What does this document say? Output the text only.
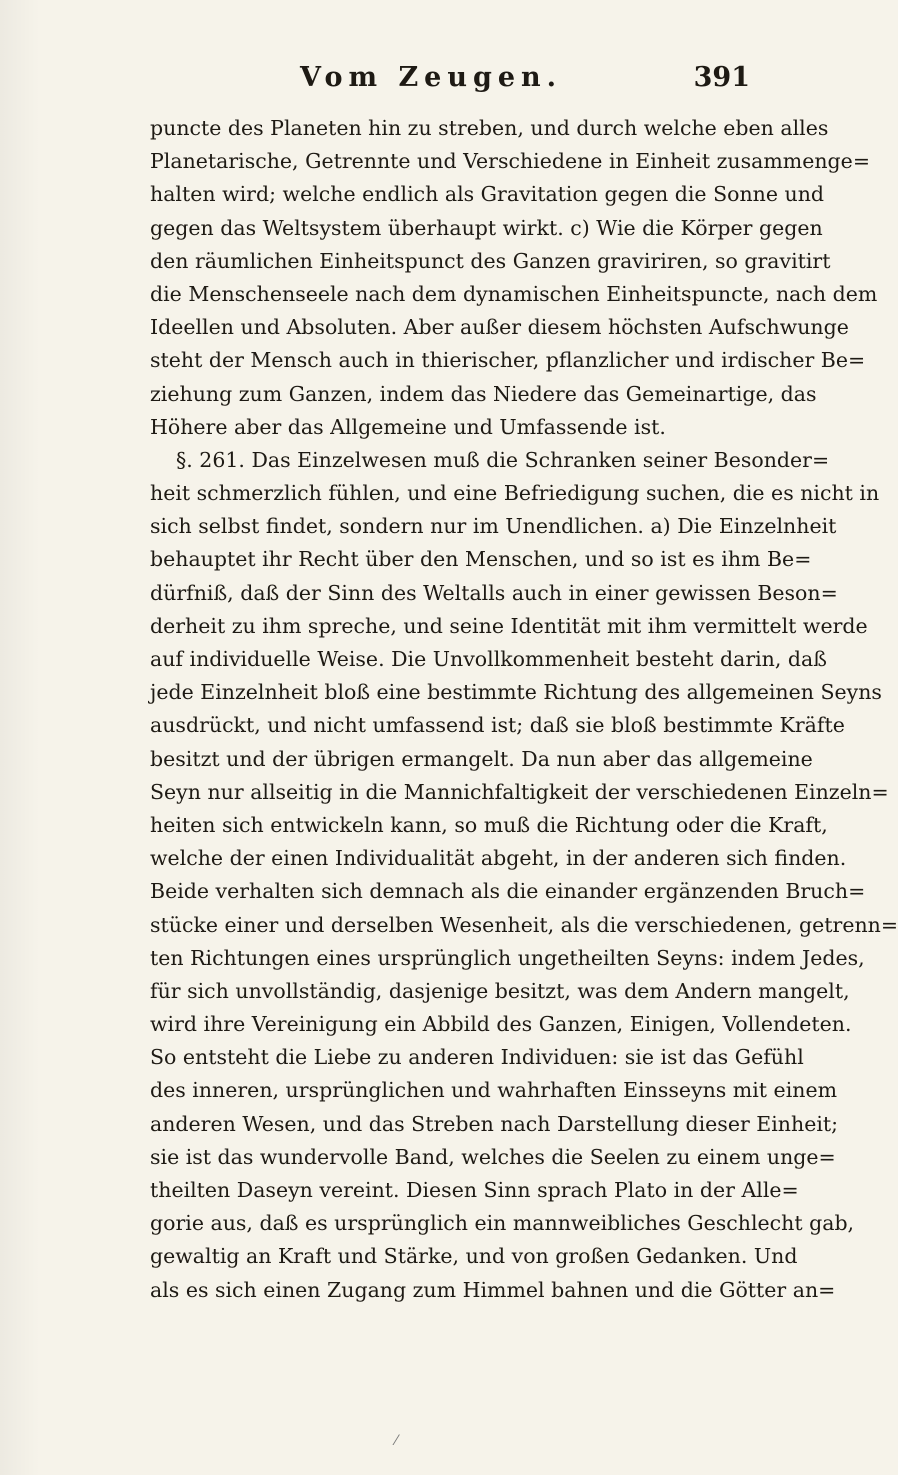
Vom Zeugen.	391
puncte des Planeten hin zu streben, und durch welche eben alles
Planetarische, Getrennte und Verschiedene in Einheit zusammenge=
halten wird; welche endlich als Gravitation gegen die Sonne und
gegen das Weltsystem überhaupt wirkt. c) Wie die Körper gegen
den räumlichen Einheitspunct des Ganzen graviriren, so gravitirt
die Menschenseele nach dem dynamischen Einheitspuncte, nach dem
Ideellen und Absoluten. Aber außer diesem höchsten Aufschwunge
steht der Mensch auch in thierischer, pflanzlicher und irdischer Be=
ziehung zum Ganzen, indem das Niedere das Gemeinartige, das
Höhere aber das Allgemeine und Umfassende ist.
§. 261. Das Einzelwesen muß die Schranken seiner Besonder=
heit schmerzlich fühlen, und eine Befriedigung suchen, die es nicht in
sich selbst findet, sondern nur im Unendlichen. a) Die Einzelnheit
behauptet ihr Recht über den Menschen, und so ist es ihm Be=
dürfniß, daß der Sinn des Weltalls auch in einer gewissen Beson=
derheit zu ihm spreche, und seine Identität mit ihm vermittelt werde
auf individuelle Weise. Die Unvollkommenheit besteht darin, daß
jede Einzelnheit bloß eine bestimmte Richtung des allgemeinen Seyns
ausdrückt, und nicht umfassend ist; daß sie bloß bestimmte Kräfte
besitzt und der übrigen ermangelt. Da nun aber das allgemeine
Seyn nur allseitig in die Mannichfaltigkeit der verschiedenen Einzeln=
heiten sich entwickeln kann, so muß die Richtung oder die Kraft,
welche der einen Individualität abgeht, in der anderen sich finden.
Beide verhalten sich demnach als die einander ergänzenden Bruch=
stücke einer und derselben Wesenheit, als die verschiedenen, getrenn=
ten Richtungen eines ursprünglich ungetheilten Seyns: indem Jedes,
für sich unvollständig, dasjenige besitzt, was dem Andern mangelt,
wird ihre Vereinigung ein Abbild des Ganzen, Einigen, Vollendeten.
So entsteht die Liebe zu anderen Individuen: sie ist das Gefühl
des inneren, ursprünglichen und wahrhaften Einsseyns mit einem
anderen Wesen, und das Streben nach Darstellung dieser Einheit;
sie ist das wundervolle Band, welches die Seelen zu einem unge=
theilten Daseyn vereint. Diesen Sinn sprach Plato in der Alle=
gorie aus, daß es ursprünglich ein mannweibliches Geschlecht gab,
gewaltig an Kraft und Stärke, und von großen Gedanken. Und
als es sich einen Zugang zum Himmel bahnen und die Götter an=
⁄
